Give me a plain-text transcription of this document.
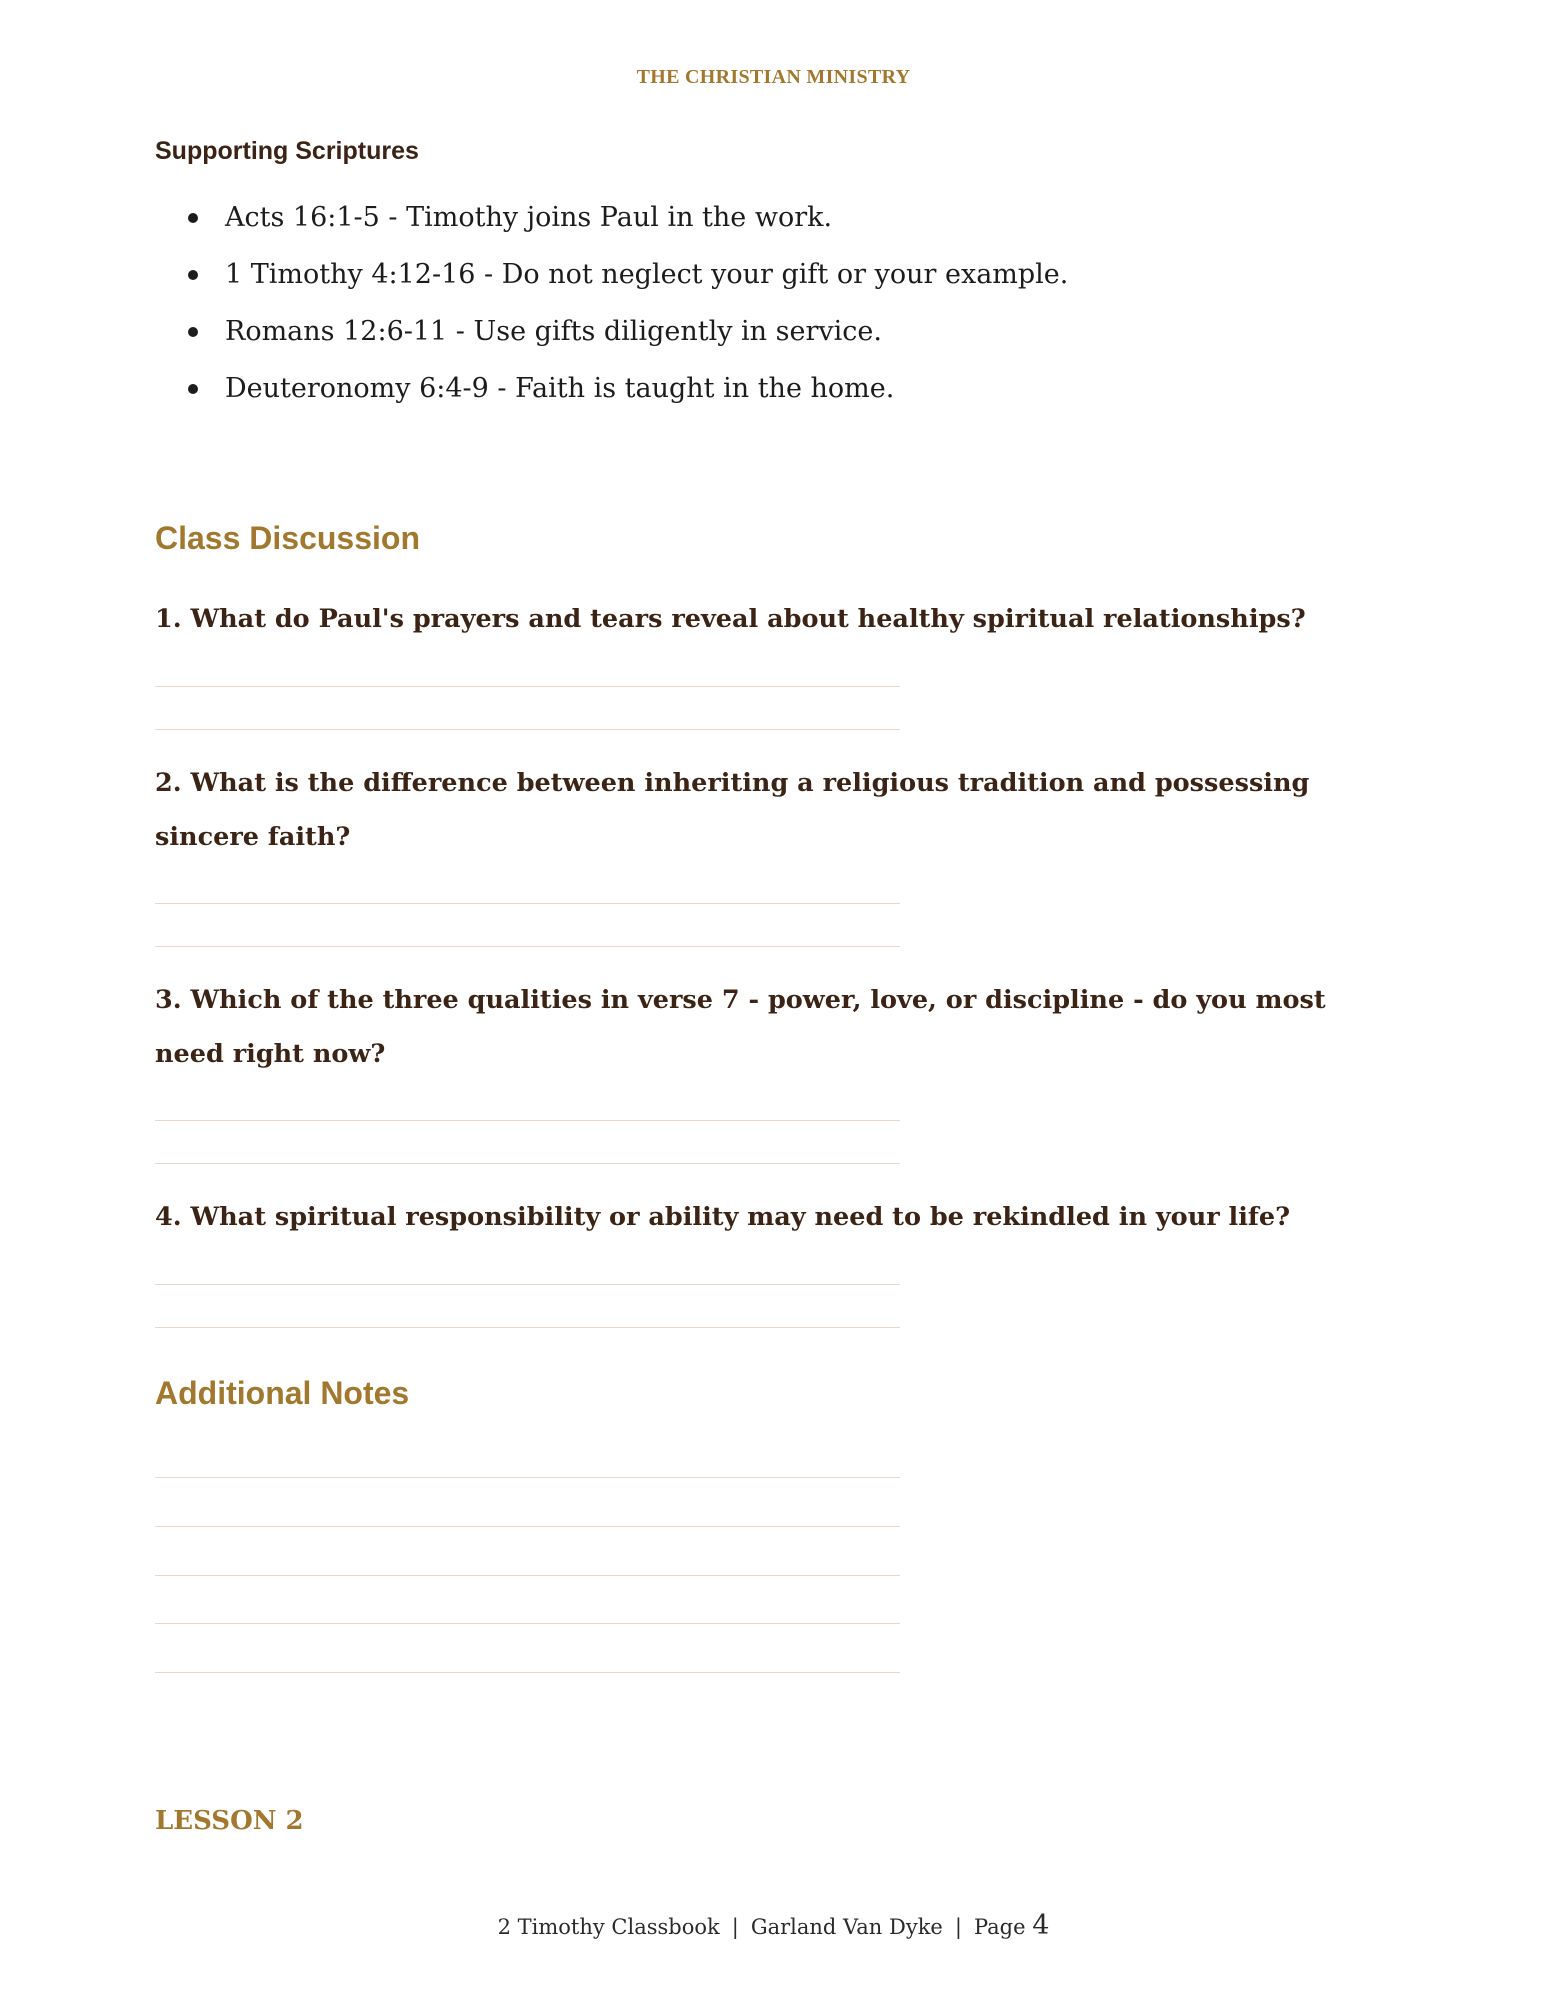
THE CHRISTIAN MINISTRY
Supporting Scriptures
Acts 16:1-5 - Timothy joins Paul in the work.
1 Timothy 4:12-16 - Do not neglect your gift or your example.
Romans 12:6-11 - Use gifts diligently in service.
Deuteronomy 6:4-9 - Faith is taught in the home.
Class Discussion

1. What do Paul's prayers and tears reveal about healthy spiritual relationships?

2. What is the difference between inheriting a religious tradition and possessing sincere faith?

3. Which of the three qualities in verse 7 - power, love, or discipline - do you most need right now?

4. What spiritual responsibility or ability may need to be rekindled in your life?

Additional Notes
LESSON 2
2 Timothy Classbook | Garland Van Dyke | Page 4
